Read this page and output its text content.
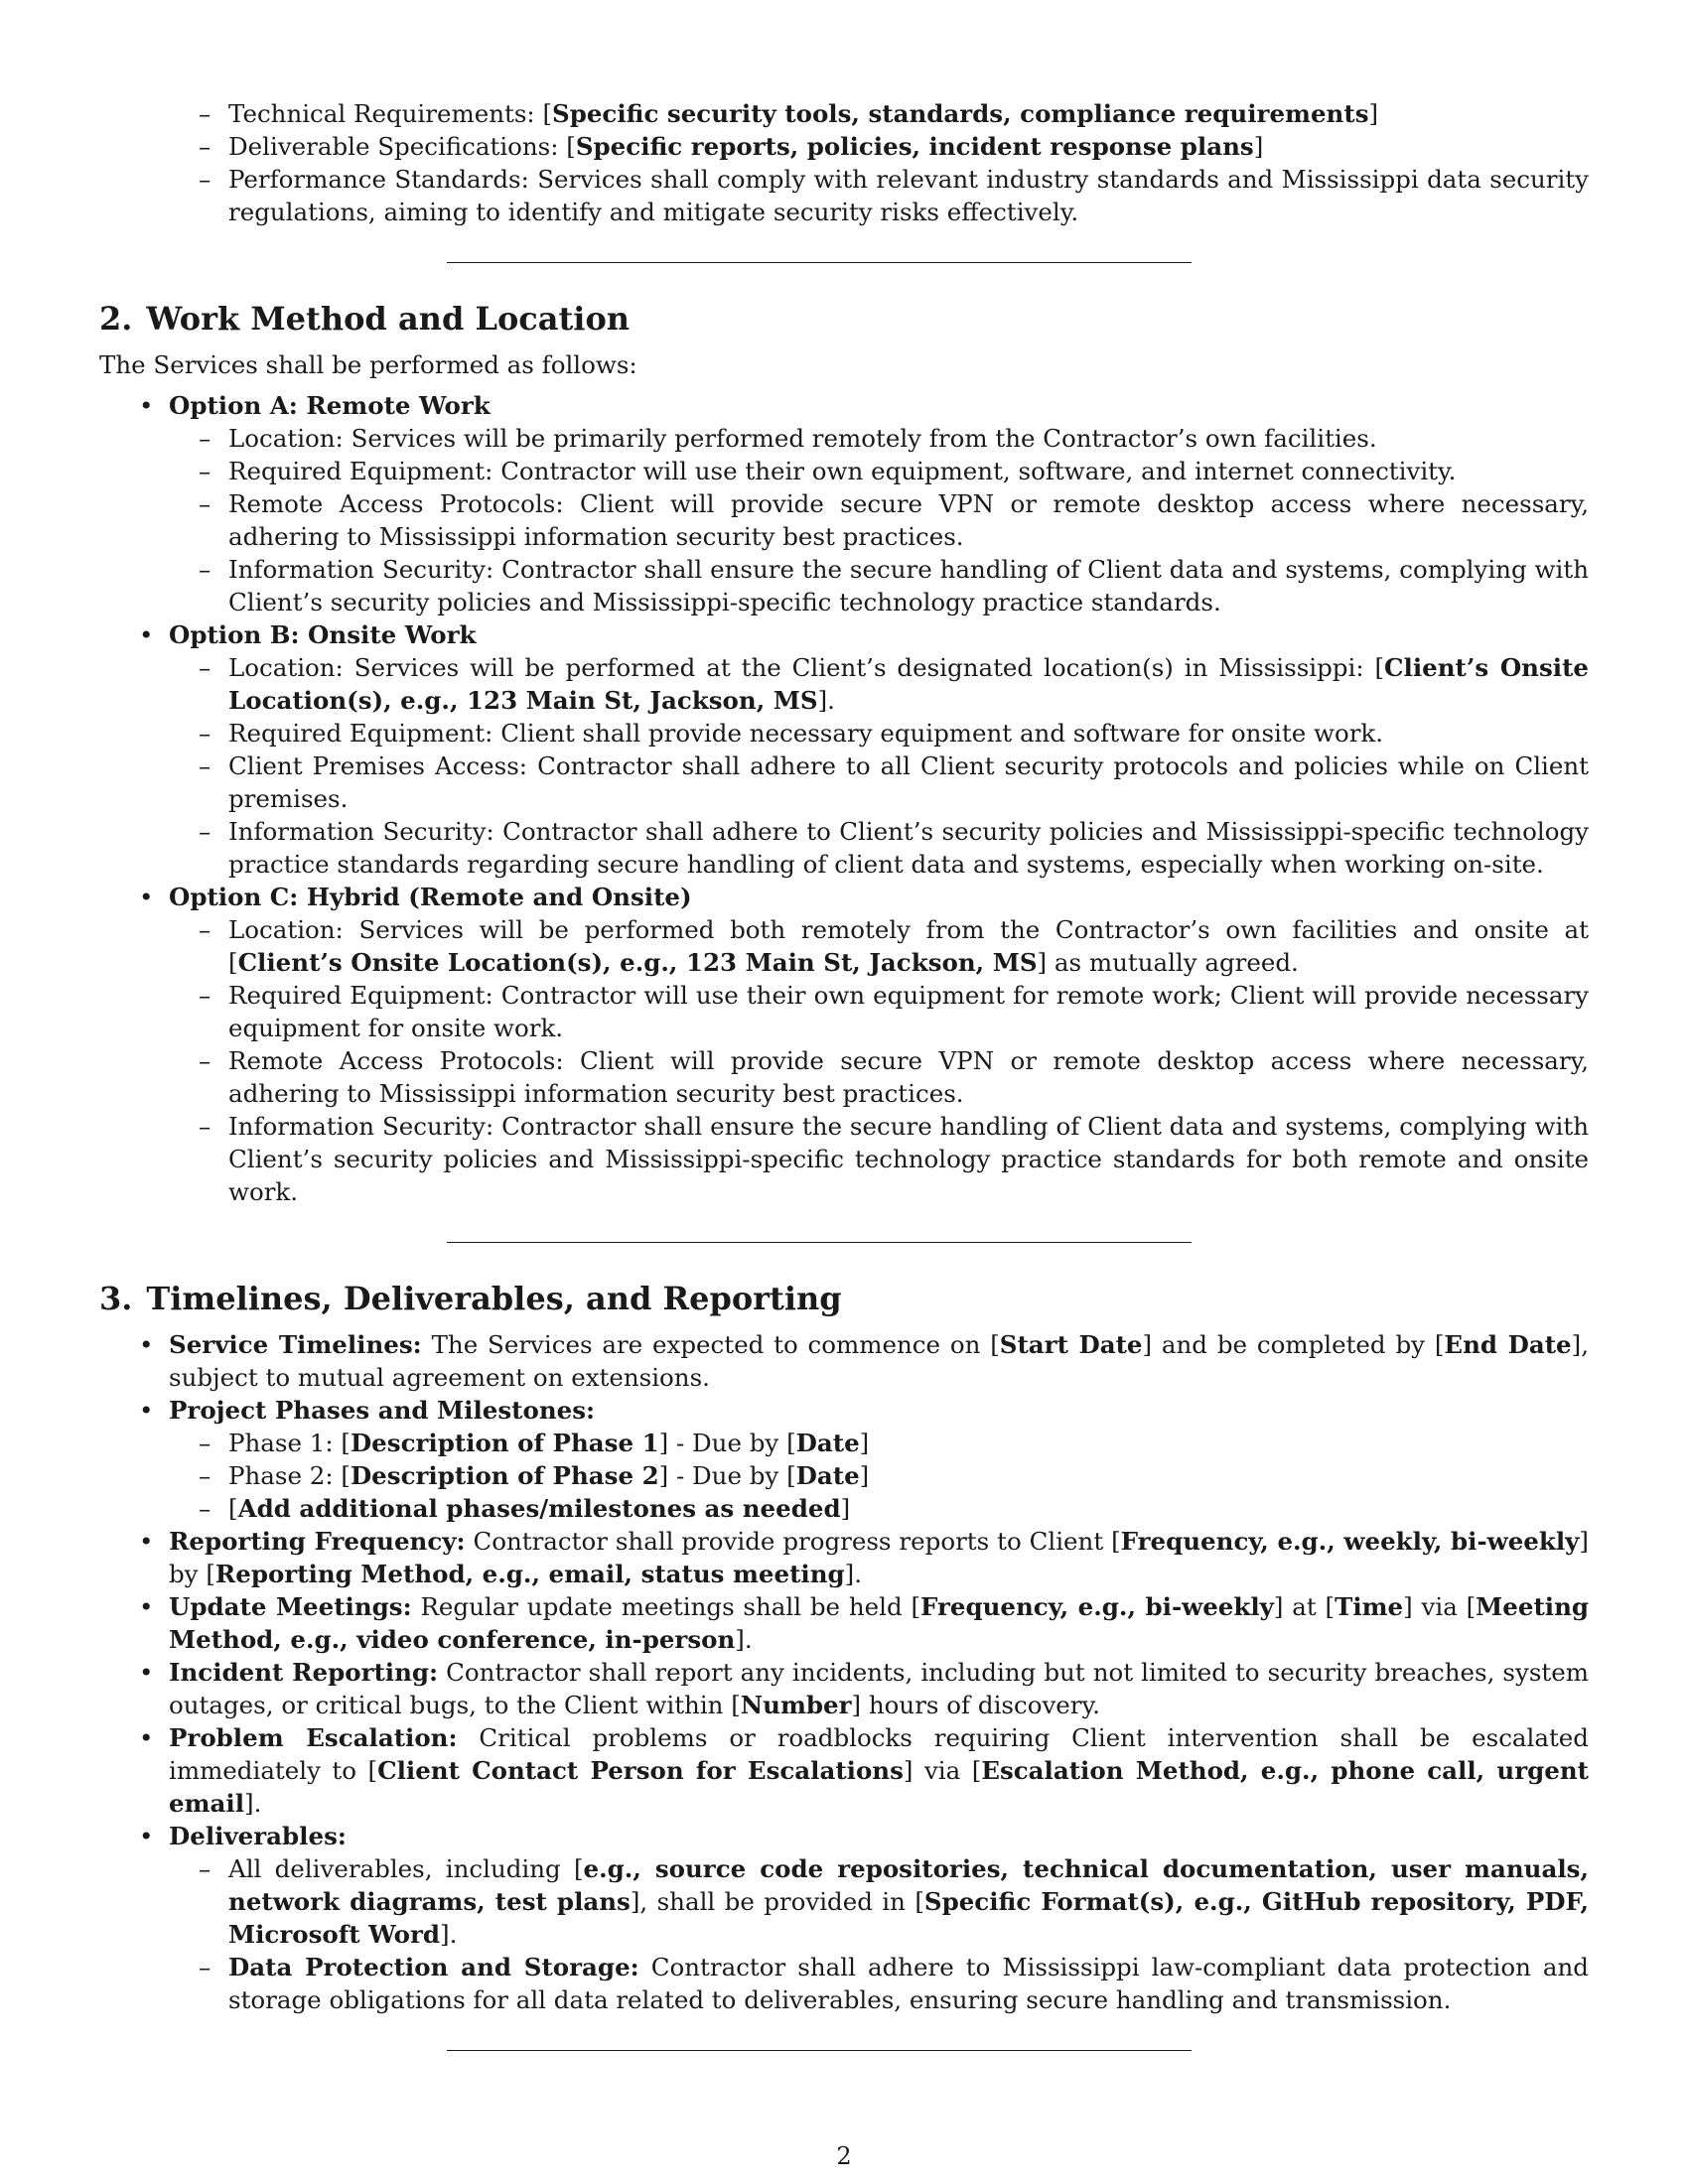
– Technical Requirements: [Specific security tools, standards, compliance requirements]
– Deliverable Specifications: [Specific reports, policies, incident response plans]
– Performance Standards: Services shall comply with relevant industry standards and Mississippi data security regulations, aiming to identify and mitigate security risks effectively.
2. Work Method and Location
The Services shall be performed as follows:
• Option A: Remote Work
– Location: Services will be primarily performed remotely from the Contractor’s own facilities.
– Required Equipment: Contractor will use their own equipment, software, and internet connectivity.
– Remote Access Protocols: Client will provide secure VPN or remote desktop access where necessary, adhering to Mississippi information security best practices.
– Information Security: Contractor shall ensure the secure handling of Client data and systems, complying with Client’s security policies and Mississippi-specific technology practice standards.
• Option B: Onsite Work
– Location: Services will be performed at the Client’s designated location(s) in Mississippi: [Client’s Onsite Location(s), e.g., 123 Main St, Jackson, MS].
– Required Equipment: Client shall provide necessary equipment and software for onsite work.
– Client Premises Access: Contractor shall adhere to all Client security protocols and policies while on Client premises.
– Information Security: Contractor shall adhere to Client’s security policies and Mississippi-specific technology practice standards regarding secure handling of client data and systems, especially when working on-site.
• Option C: Hybrid (Remote and Onsite)
– Location: Services will be performed both remotely from the Contractor’s own facilities and onsite at [Client’s Onsite Location(s), e.g., 123 Main St, Jackson, MS] as mutually agreed.
– Required Equipment: Contractor will use their own equipment for remote work; Client will provide necessary equipment for onsite work.
– Remote Access Protocols: Client will provide secure VPN or remote desktop access where necessary, adhering to Mississippi information security best practices.
– Information Security: Contractor shall ensure the secure handling of Client data and systems, complying with Client’s security policies and Mississippi-specific technology practice standards for both remote and onsite work.
3. Timelines, Deliverables, and Reporting
• Service Timelines: The Services are expected to commence on [Start Date] and be completed by [End Date], subject to mutual agreement on extensions.
• Project Phases and Milestones:
– Phase 1: [Description of Phase 1] - Due by [Date]
– Phase 2: [Description of Phase 2] - Due by [Date]
– [Add additional phases/milestones as needed]
• Reporting Frequency: Contractor shall provide progress reports to Client [Frequency, e.g., weekly, bi-weekly] by [Reporting Method, e.g., email, status meeting].
• Update Meetings: Regular update meetings shall be held [Frequency, e.g., bi-weekly] at [Time] via [Meeting Method, e.g., video conference, in-person].
• Incident Reporting: Contractor shall report any incidents, including but not limited to security breaches, system outages, or critical bugs, to the Client within [Number] hours of discovery.
• Problem Escalation: Critical problems or roadblocks requiring Client intervention shall be escalated immediately to [Client Contact Person for Escalations] via [Escalation Method, e.g., phone call, urgent email].
• Deliverables:
– All deliverables, including [e.g., source code repositories, technical documentation, user manuals, network diagrams, test plans], shall be provided in [Specific Format(s), e.g., GitHub repository, PDF, Microsoft Word].
– Data Protection and Storage: Contractor shall adhere to Mississippi law-compliant data protection and storage obligations for all data related to deliverables, ensuring secure handling and transmission.
2
